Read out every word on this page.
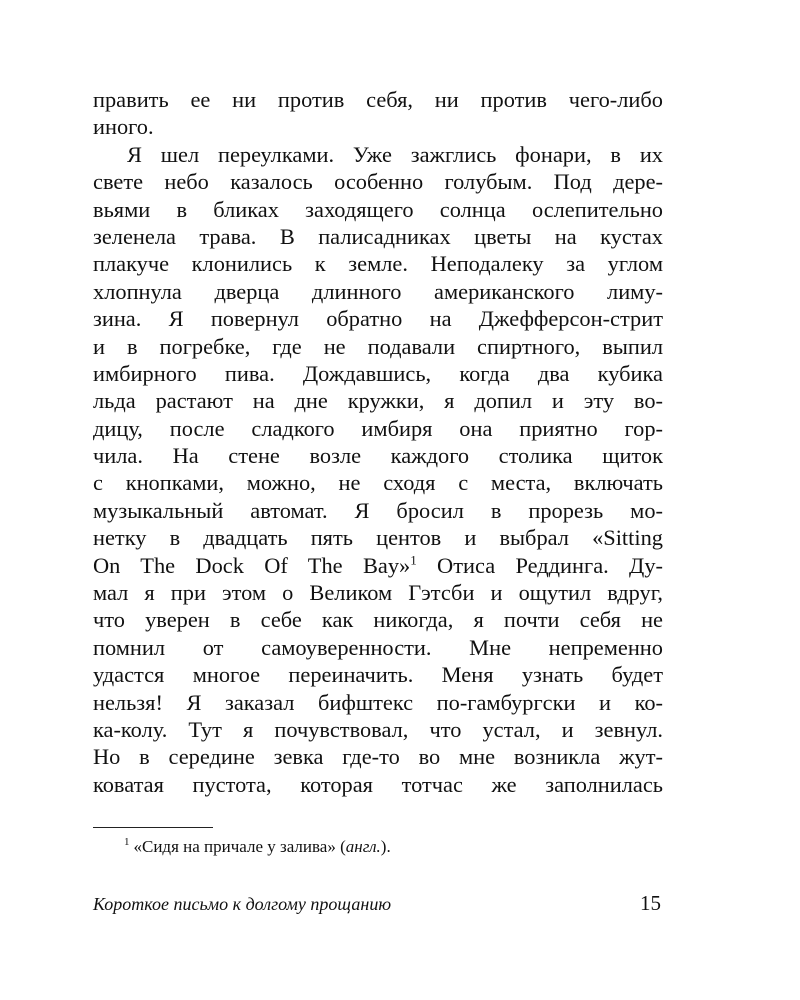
править ее ни против себя, ни против чего-либо
иного.
Я шел переулками. Уже зажглись фонари, в их
свете небо казалось особенно голубым. Под дере-
вьями в бликах заходящего солнца ослепительно
зеленела трава. В палисадниках цветы на кустах
плакуче клонились к земле. Неподалеку за углом
хлопнула дверца длинного американского лиму-
зина. Я повернул обратно на Джефферсон-стрит
и в погребке, где не подавали спиртного, выпил
имбирного пива. Дождавшись, когда два кубика
льда растают на дне кружки, я допил и эту во-
дицу, после сладкого имбиря она приятно гор-
чила. На стене возле каждого столика щиток
с кнопками, можно, не сходя с места, включать
музыкальный автомат. Я бросил в прорезь мо-
нетку в двадцать пять центов и выбрал «Sitting
On The Dock Of The Bay»$^1$ Отиса Реддинга. Ду-
мал я при этом о Великом Гэтсби и ощутил вдруг,
что уверен в себе как никогда, я почти себя не
помнил от самоуверенности. Мне непременно
удастся многое переиначить. Меня узнать будет
нельзя! Я заказал бифштекс по-гамбургски и ко-
ка-колу. Тут я почувствовал, что устал, и зевнул.
Но в середине зевка где-то во мне возникла жут-
коватая пустота, которая тотчас же заполнилась
$^1$ «Сидя на причале у залива» (англ.).
Короткое письмо к долгому прощанию	15
